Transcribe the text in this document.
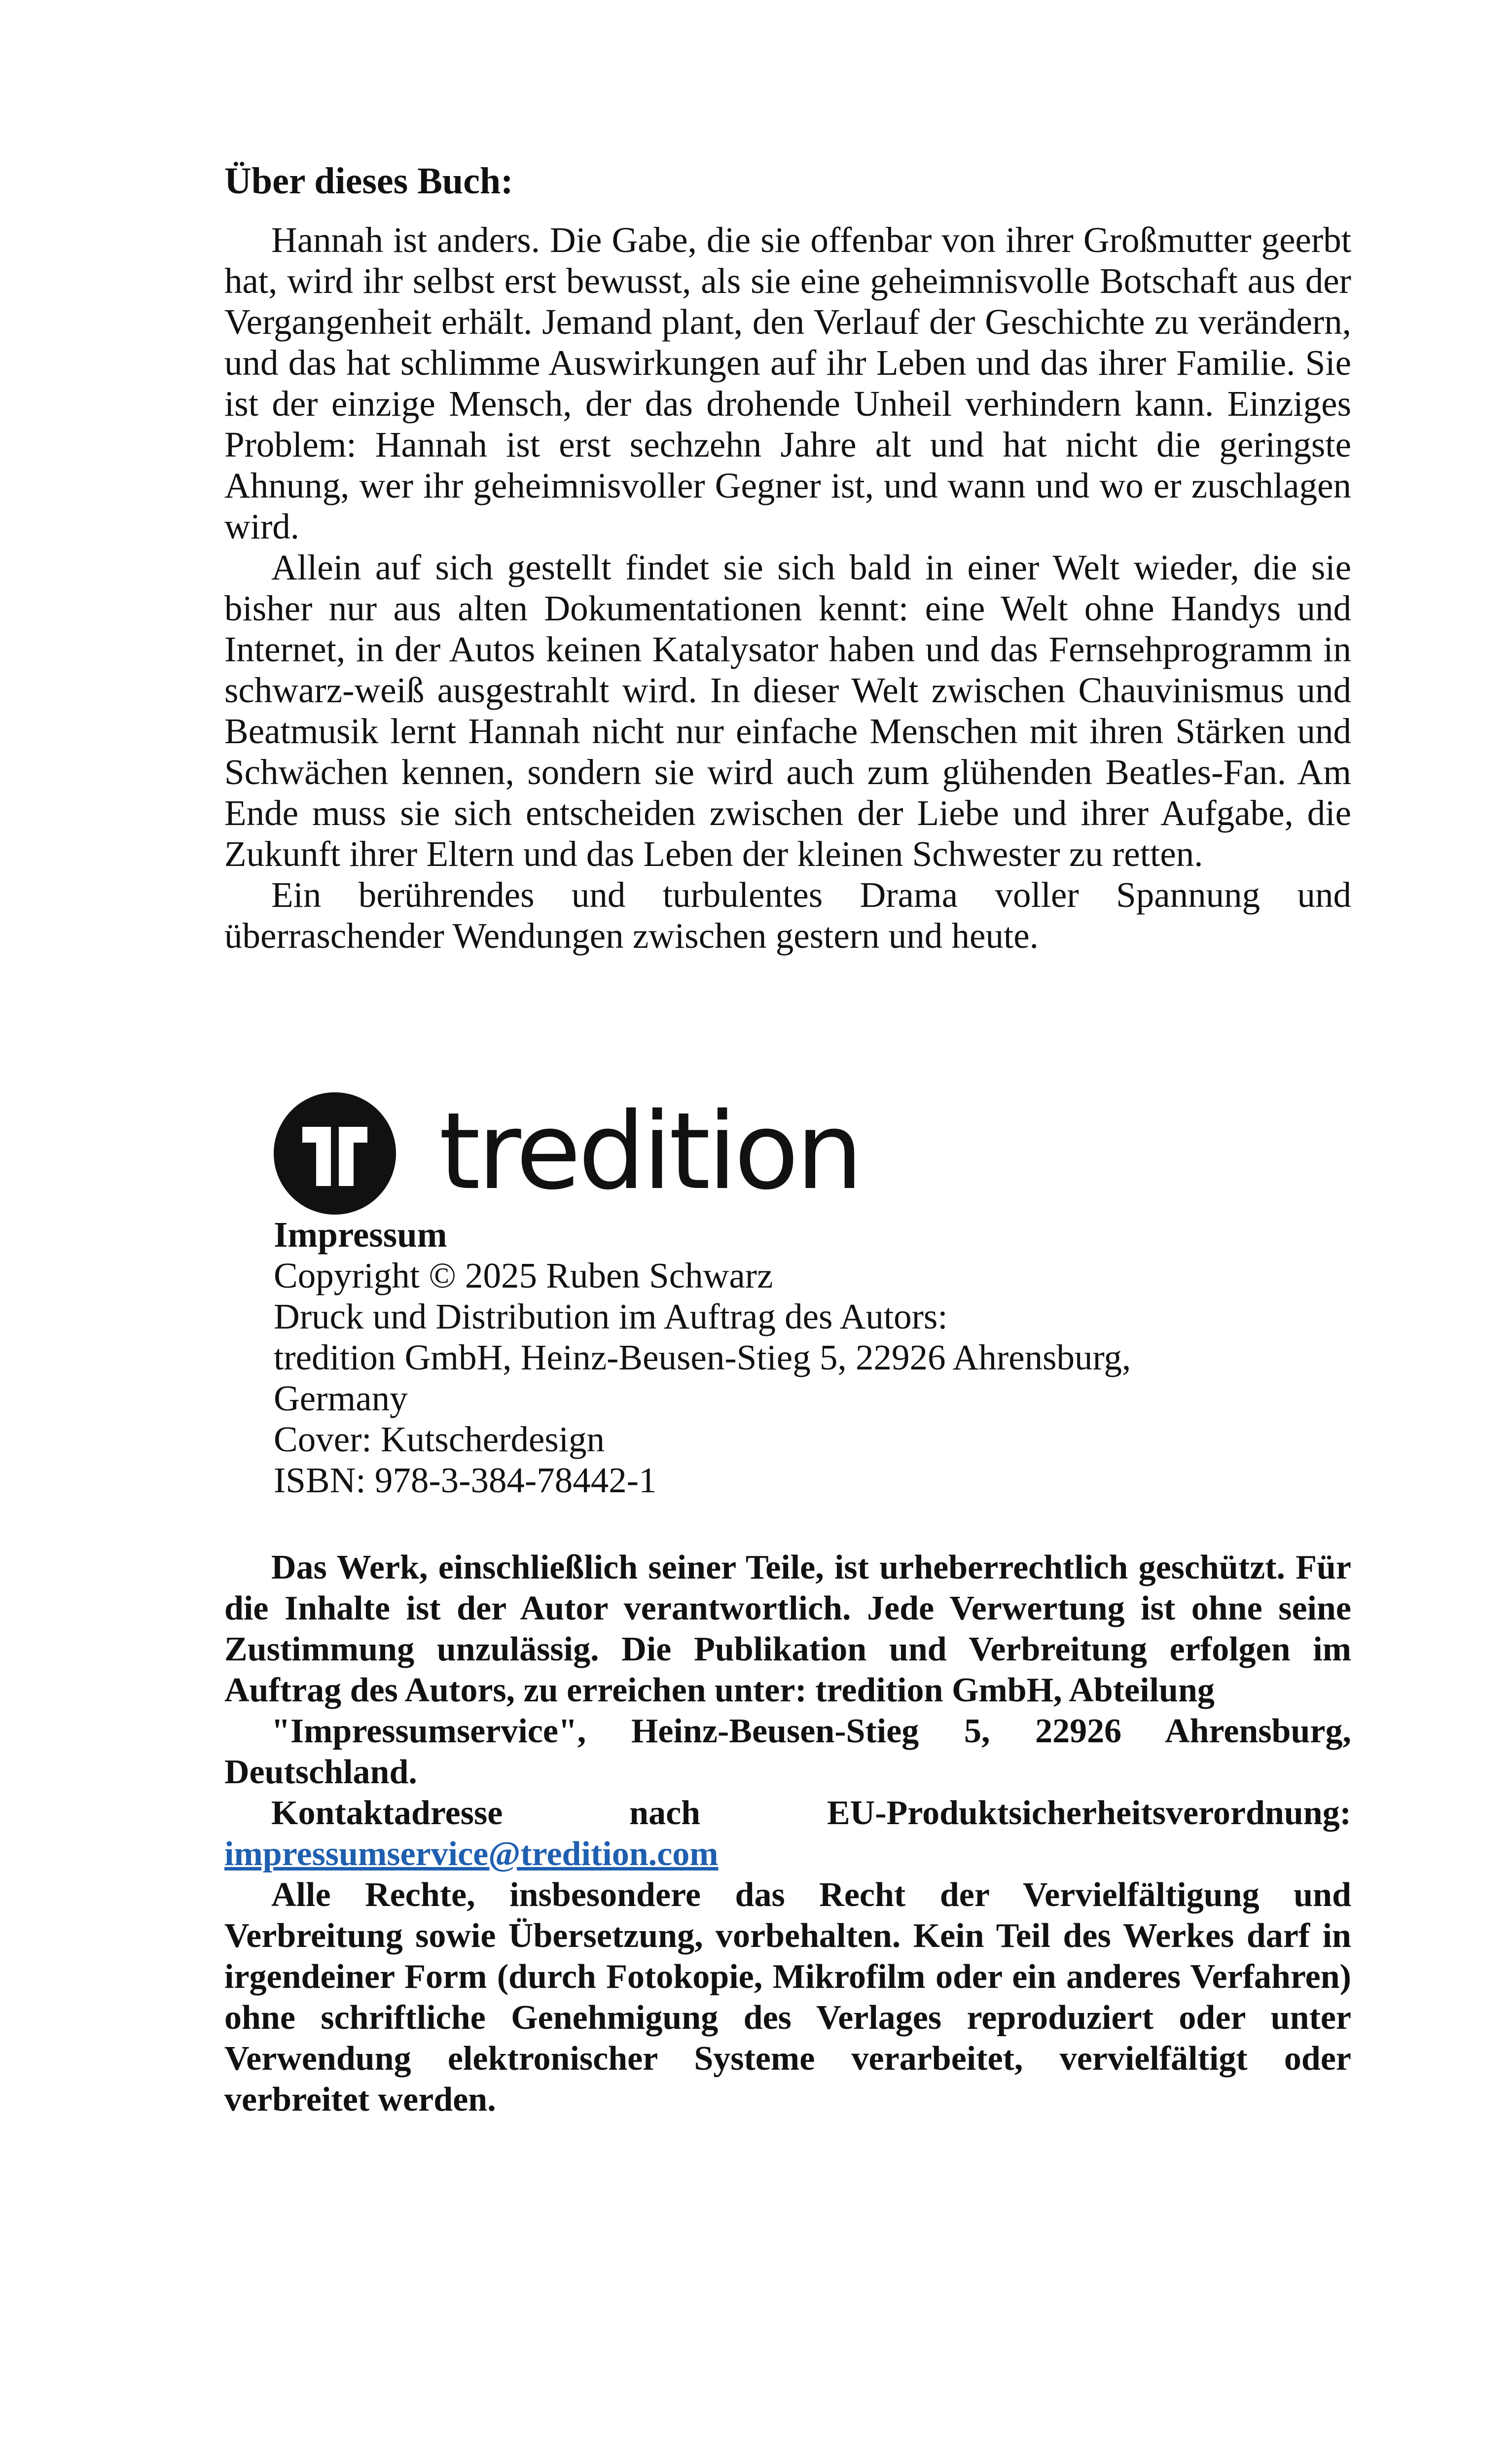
Über dieses Buch:

Hannah ist anders. Die Gabe, die sie offenbar von ihrer Großmutter geerbt hat, wird ihr selbst erst bewusst, als sie eine geheimnisvolle Botschaft aus der Vergangenheit erhält. Jemand plant, den Verlauf der Geschichte zu verändern, und das hat schlimme Auswirkungen auf ihr Leben und das ihrer Familie. Sie ist der einzige Mensch, der das drohende Unheil verhindern kann. Einziges Problem: Hannah ist erst sechzehn Jahre alt und hat nicht die geringste Ahnung, wer ihr geheimnisvoller Gegner ist, und wann und wo er zuschlagen wird.

Allein auf sich gestellt findet sie sich bald in einer Welt wieder, die sie bisher nur aus alten Dokumentationen kennt: eine Welt ohne Handys und Internet, in der Autos keinen Katalysator haben und das Fernsehprogramm in schwarz-weiß ausgestrahlt wird. In dieser Welt zwischen Chauvinismus und Beatmusik lernt Hannah nicht nur einfache Menschen mit ihren Stärken und Schwächen kennen, sondern sie wird auch zum glühenden Beatles-Fan. Am Ende muss sie sich entscheiden zwischen der Liebe und ihrer Aufgabe, die Zukunft ihrer Eltern und das Leben der kleinen Schwester zu retten.

Ein berührendes und turbulentes Drama voller Spannung und überraschender Wendungen zwischen gestern und heute.

tredition
Impressum
Copyright © 2025 Ruben Schwarz
Druck und Distribution im Auftrag des Autors:
tredition GmbH, Heinz-Beusen-Stieg 5, 22926 Ahrensburg,
Germany
Cover: Kutscherdesign
ISBN: 978-3-384-78442-1

Das Werk, einschließlich seiner Teile, ist urheberrechtlich geschützt. Für die Inhalte ist der Autor verantwortlich. Jede Verwertung ist ohne seine Zustimmung unzulässig. Die Publikation und Verbreitung erfolgen im Auftrag des Autors, zu erreichen unter: tredition GmbH, Abteilung

"Impressumservice", Heinz-Beusen-Stieg 5, 22926 Ahrensburg, Deutschland.

Kontaktadresse nach EU-Produktsicherheitsverordnung:

impressumservice@tredition.com

Alle Rechte, insbesondere das Recht der Vervielfältigung und Verbreitung sowie Übersetzung, vorbehalten. Kein Teil des Werkes darf in irgendeiner Form (durch Fotokopie, Mikrofilm oder ein anderes Verfahren) ohne schriftliche Genehmigung des Verlages reproduziert oder unter Verwendung elektronischer Systeme verarbeitet, vervielfältigt oder verbreitet werden.
